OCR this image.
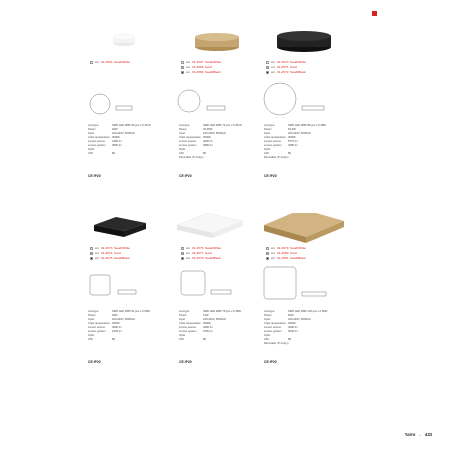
art. 01-2564 Sand/White
Led type	SMD LED 2835 96 pcs x 0,48 W
Power	20W
Input	220-240V, 50/60Hz
Color temperature 3000K
Lumen source	2480 lm
Lumen system	2800 lm
Optic
CRI	80
CE IP20
art. 01-2567 Sand/White
art. 01-2568 Gold
art. 01-2566 Sand/Black
Led type	SMD LED 2835 72 pcs x 0,48 W
Power	43,05W
Input	220-240V, 50/60Hz
Color temperature 3000K
Lumen source	4000 lm
Lumen system	3680 lm
Optic
CRI	80
Dimmable (Tr./rssp) ◐
CE IP20
art. 01-2570 Sand/White
art. 01-2571 Gold
art. 01-2572 Sand/Black
Led type	SMD LED 2835 88 pcs x 0,48W
Power	53,3W
Input	220-240V, 50/60Hz
Color temperature 3000K
Lumen source	5770 lm
Lumen system	3280 lm
Optic
CRI	80
Dimmable (Tr./rssp) ◐
CE IP20
art. 01-2573 Sand/White
art. 01-2574 Gold
art. 01-2575 Sand/Black
Led type	SMD LED 2835 54 pcs x 0,56W
Power	30W
Input	220-240V, 50/60Hz
Color temperature 3000K
Lumen source	3600 lm
Lumen system	2345 lm
Optic
CRI	80
CE IP20
art. 01-2576 Sand/White
art. 01-2577 Gold
art. 01-2578 Sand/Black
Led type	SMD LED 2835 78 pcs x 0,48W
Power	47W
Input	220-240V, 50/60Hz
Color temperature 3000K
Lumen source	4900 lm
Lumen system	3700 lm
Optic
CRI	80
CE IP20
art. 01-2579 Sand/White
art. 01-2580 Gold
art. 01-2581 Sand/Black
Led type	SMD LED 2835 102 pcs x 0,56W
Power	60W
Input	220-240V, 50/60Hz
Color temperature 3000K
Lumen source	4000 lm
Lumen system	3540 lm
Optic
CRI	80
Dimmable (Tr./rssp) ◐
CE IP20
Yarro → 433
